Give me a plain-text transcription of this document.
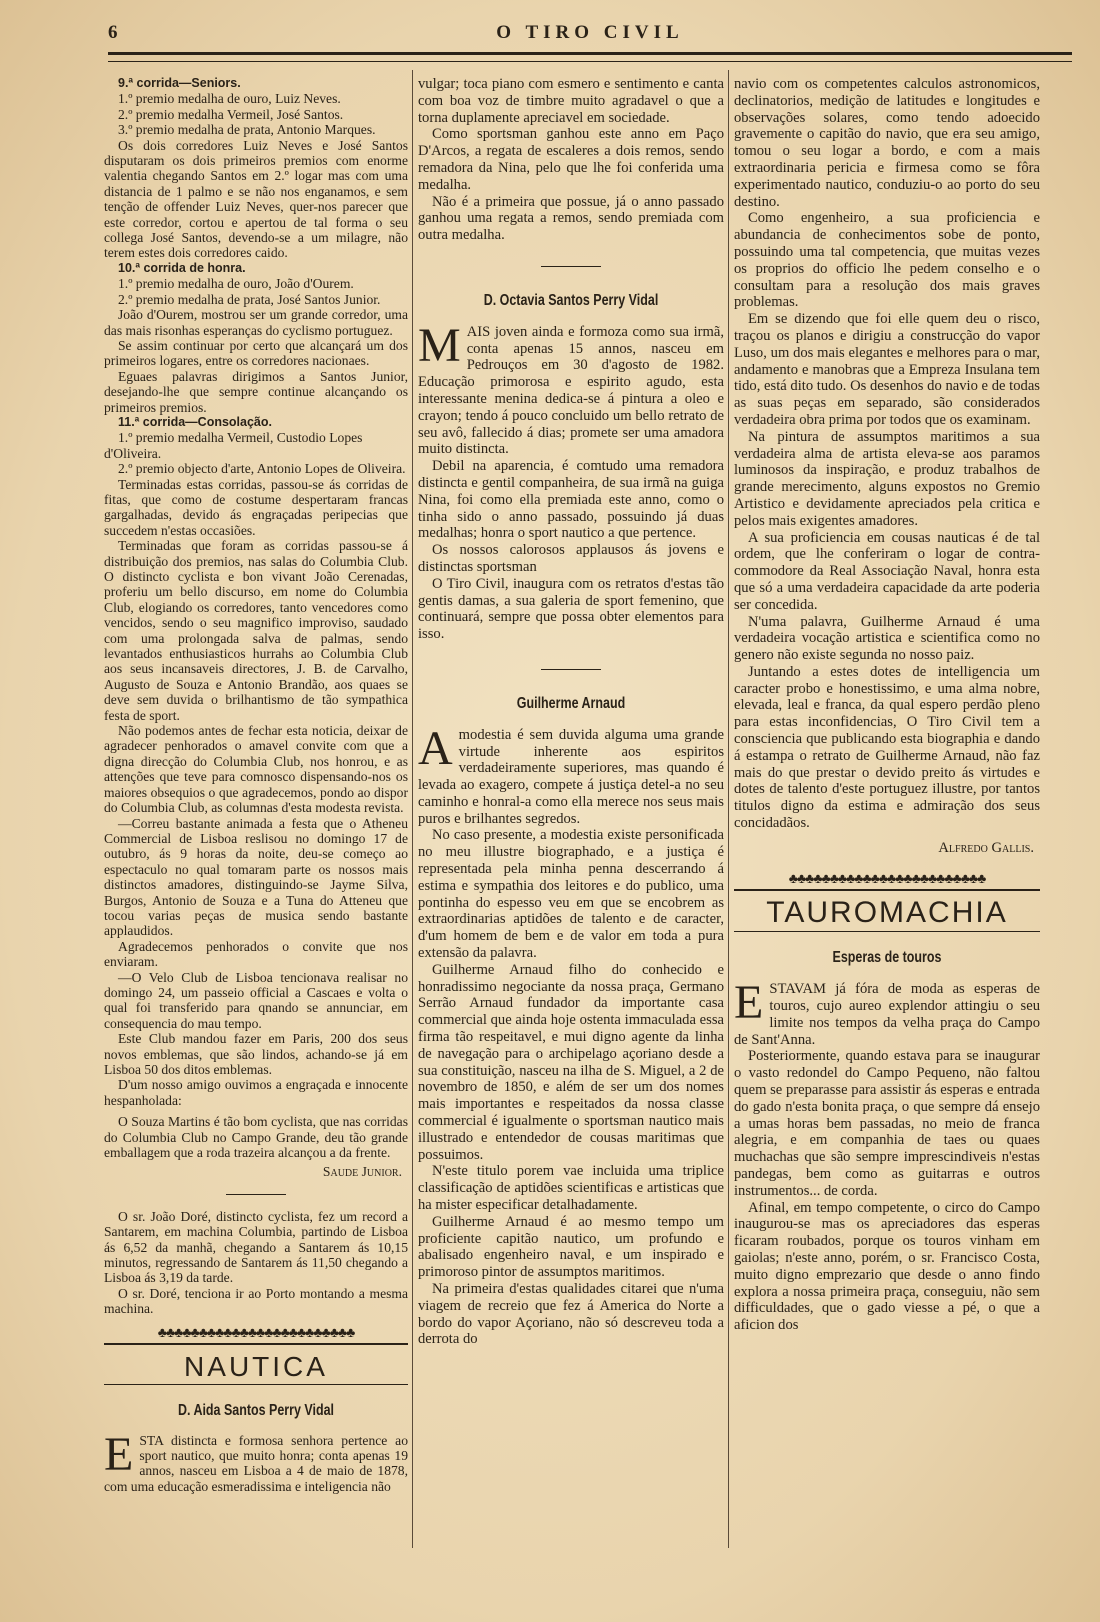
6	O TIRO CIVIL
9.ª corrida—Seniors.
1.º premio medalha de ouro, Luiz Neves.
2.º premio medalha Vermeil, José Santos.
3.º premio medalha de prata, Antonio Marques.

Os dois corredores Luiz Neves e José Santos disputaram os dois primeiros premios com enorme valentia chegando Santos em 2.º logar mas com uma distancia de 1 palmo e se não nos enganamos, e sem tenção de offender Luiz Neves, quer-nos parecer que este corredor, cortou e apertou de tal forma o seu collega José Santos, devendo-se a um milagre, não terem estes dois corredores caido.

10.ª corrida de honra.
1.º premio medalha de ouro, João d'Ourem.
2.º premio medalha de prata, José Santos Junior.

João d'Ourem, mostrou ser um grande corredor, uma das mais risonhas esperanças do cyclismo portuguez.

Se assim continuar por certo que alcançará um dos primeiros logares, entre os corredores nacionaes.

Eguaes palavras dirigimos a Santos Junior, desejando-lhe que sempre continue alcançando os primeiros premios.

11.ª corrida—Consolação.
1.º premio medalha Vermeil, Custodio Lopes d'Oliveira.
2.º premio objecto d'arte, Antonio Lopes de Oliveira.

Terminadas estas corridas, passou-se ás corridas de fitas, que como de costume despertaram francas gargalhadas, devido ás engraçadas peripecias que succedem n'estas occasiões.

Terminadas que foram as corridas passou-se á distribuição dos premios, nas salas do Columbia Club. O distincto cyclista e bon vivant João Cerenadas, proferiu um bello discurso, em nome do Columbia Club, elogiando os corredores, tanto vencedores como vencidos, sendo o seu magnifico improviso, saudado com uma prolongada salva de palmas, sendo levantados enthusiasticos hurrahs ao Columbia Club aos seus incansaveis directores, J. B. de Carvalho, Augusto de Souza e Antonio Brandão, aos quaes se deve sem duvida o brilhantismo de tão sympathica festa de sport.

Não podemos antes de fechar esta noticia, deixar de agradecer penhorados o amavel convite com que a digna direcção do Columbia Club, nos honrou, e as attenções que teve para comnosco dispensando-nos os maiores obsequios o que agradecemos, pondo ao dispor do Columbia Club, as columnas d'esta modesta revista.

—Correu bastante animada a festa que o Atheneu Commercial de Lisboa reslisou no domingo 17 de outubro, ás 9 horas da noite, deu-se começo ao espectaculo no qual tomaram parte os nossos mais distinctos amadores, distinguindo-se Jayme Silva, Burgos, Antonio de Souza e a Tuna do Atteneu que tocou varias peças de musica sendo bastante applaudidos.

Agradecemos penhorados o convite que nos enviaram.

—O Velo Club de Lisboa tencionava realisar no domingo 24, um passeio official a Cascaes e volta o qual foi transferido para qnando se annunciar, em consequencia do mau tempo.

Este Club mandou fazer em Paris, 200 dos seus novos emblemas, que são lindos, achando-se já em Lisboa 50 dos ditos emblemas.

D'um nosso amigo ouvimos a engraçada e innocente hespanholada:

O Souza Martins é tão bom cyclista, que nas corridas do Columbia Club no Campo Grande, deu tão grande emballagem que a roda trazeira alcançou a da frente.

Saude Junior.

O sr. João Doré, distincto cyclista, fez um record a Santarem, em machina Columbia, partindo de Lisboa ás 6,52 da manhã, chegando a Santarem ás 10,15 minutos, regressando de Santarem ás 11,50 chegando a Lisboa ás 3,19 da tarde.

O sr. Doré, tenciona ir ao Porto montando a mesma machina.

♣♣♣♣♣♣♣♣♣♣♣♣♣♣♣♣♣♣♣♣♣♣♣♣
NAUTICA
D. Aida Santos Perry Vidal

ESTA distincta e formosa senhora pertence ao sport nautico, que muito honra; conta apenas 19 annos, nasceu em Lisboa a 4 de maio de 1878, com uma educação esmeradissima e inteligencia não

vulgar; toca piano com esmero e sentimento e canta com boa voz de timbre muito agradavel o que a torna duplamente apreciavel em sociedade.

Como sportsman ganhou este anno em Paço D'Arcos, a regata de escaleres a dois remos, sendo remadora da Nina, pelo que lhe foi conferida uma medalha.

Não é a primeira que possue, já o anno passado ganhou uma regata a remos, sendo premiada com outra medalha.

D. Octavia Santos Perry Vidal

MAIS joven ainda e formoza como sua irmã, conta apenas 15 annos, nasceu em Pedrouços em 30 d'agosto de 1982. Educação primorosa e espirito agudo, esta interessante menina dedica-se á pintura a oleo e crayon; tendo á pouco concluido um bello retrato de seu avô, fallecido á dias; promete ser uma amadora muito distincta.

Debil na aparencia, é comtudo uma remadora distincta e gentil companheira, de sua irmã na guiga Nina, foi como ella premiada este anno, como o tinha sido o anno passado, possuindo já duas medalhas; honra o sport nautico a que pertence.

Os nossos calorosos applausos ás jovens e distinctas sportsman

O Tiro Civil, inaugura com os retratos d'estas tão gentis damas, a sua galeria de sport femenino, que continuará, sempre que possa obter elementos para isso.

Guilherme Arnaud

Amodestia é sem duvida alguma uma grande virtude inherente aos espiritos verdadeiramente superiores, mas quando é levada ao exagero, compete á justiça detel-a no seu caminho e honral-a como ella merece nos seus mais puros e brilhantes segredos.

No caso presente, a modestia existe personificada no meu illustre biographado, e a justiça é representada pela minha penna descerrando á estima e sympathia dos leitores e do publico, uma pontinha do espesso veu em que se encobrem as extraordinarias aptidões de talento e de caracter, d'um homem de bem e de valor em toda a pura extensão da palavra.

Guilherme Arnaud filho do conhecido e honradissimo negociante da nossa praça, Germano Serrão Arnaud fundador da importante casa commercial que ainda hoje ostenta immaculada essa firma tão respeitavel, e mui digno agente da linha de navegação para o archipelago açoriano desde a sua constituição, nasceu na ilha de S. Miguel, a 2 de novembro de 1850, e além de ser um dos nomes mais importantes e respeitados da nossa classe commercial é igualmente o sportsman nautico mais illustrado e entendedor de cousas maritimas que possuimos.

N'este titulo porem vae incluida uma triplice classificação de aptidões scientificas e artisticas que ha mister especificar detalhadamente.

Guilherme Arnaud é ao mesmo tempo um proficiente capitão nautico, um profundo e abalisado engenheiro naval, e um inspirado e primoroso pintor de assumptos maritimos.

Na primeira d'estas qualidades citarei que n'uma viagem de recreio que fez á America do Norte a bordo do vapor Açoriano, não só descreveu toda a derrota do

navio com os competentes calculos astronomicos, declinatorios, medição de latitudes e longitudes e observações solares, como tendo adoecido gravemente o capitão do navio, que era seu amigo, tomou o seu logar a bordo, e com a mais extraordinaria pericia e firmesa como se fôra experimentado nautico, conduziu-o ao porto do seu destino.

Como engenheiro, a sua proficiencia e abundancia de conhecimentos sobe de ponto, possuindo uma tal competencia, que muitas vezes os proprios do officio lhe pedem conselho e o consultam para a resolução dos mais graves problemas.

Em se dizendo que foi elle quem deu o risco, traçou os planos e dirigiu a construcção do vapor Luso, um dos mais elegantes e melhores para o mar, andamento e manobras que a Empreza Insulana tem tido, está dito tudo. Os desenhos do navio e de todas as suas peças em separado, são considerados verdadeira obra prima por todos que os examinam.

Na pintura de assumptos maritimos a sua verdadeira alma de artista eleva-se aos paramos luminosos da inspiração, e produz trabalhos de grande merecimento, alguns expostos no Gremio Artistico e devidamente apreciados pela critica e pelos mais exigentes amadores.

A sua proficiencia em cousas nauticas é de tal ordem, que lhe conferiram o logar de contra-commodore da Real Associação Naval, honra esta que só a uma verdadeira capacidade da arte poderia ser concedida.

N'uma palavra, Guilherme Arnaud é uma verdadeira vocação artistica e scientifica como no genero não existe segunda no nosso paiz.

Juntando a estes dotes de intelligencia um caracter probo e honestissimo, e uma alma nobre, elevada, leal e franca, da qual espero perdão pleno para estas inconfidencias, O Tiro Civil tem a consciencia que publicando esta biographia e dando á estampa o retrato de Guilherme Arnaud, não faz mais do que prestar o devido preito ás virtudes e dotes de talento d'este portuguez illustre, por tantos titulos digno da estima e admiração dos seus concidadãos.

Alfredo Gallis.

♣♣♣♣♣♣♣♣♣♣♣♣♣♣♣♣♣♣♣♣♣♣♣♣
TAUROMACHIA
Esperas de touros

ESTAVAM já fóra de moda as esperas de touros, cujo aureo explendor attingiu o seu limite nos tempos da velha praça do Campo de Sant'Anna.

Posteriormente, quando estava para se inaugurar o vasto redondel do Campo Pequeno, não faltou quem se preparasse para assistir ás esperas e entrada do gado n'esta bonita praça, o que sempre dá ensejo a umas horas bem passadas, no meio de franca alegria, e em companhia de taes ou quaes muchachas que são sempre imprescindiveis n'estas pandegas, bem como as guitarras e outros instrumentos... de corda.

Afinal, em tempo competente, o circo do Campo inaugurou-se mas os apreciadores das esperas ficaram roubados, porque os touros vinham em gaiolas; n'este anno, porém, o sr. Francisco Costa, muito digno emprezario que desde o anno findo explora a nossa primeira praça, conseguiu, não sem difficuldades, que o gado viesse a pé, o que a aficion dos
